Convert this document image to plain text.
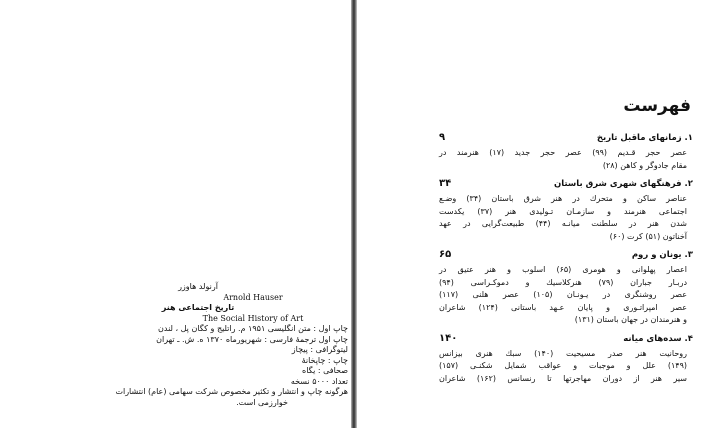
آرنولد هاوزر
Arnold Hauser
تاریخ اجتماعی هنر
The Social History of Art
چاپ اول : متن انگلیسی ۱۹۵۱ م. راتلیج و کگان پل ، لندن
چاپ اول ترجمهٔ فارسی : شهریورماه ۱۳۷۰ ه. ش. ـ تهران
لیتوگرافی : پیچاز
چاپ : چاپخانهٔ
صحافی : یگاه
تعداد ۵۰۰۰ نسخه
هرگونه چاپ و انتشار و تکثیر مخصوص شرکت سهامی (عام) انتشارات
خوارزمی است.
فهرست
۱. زمانهای ماقبل تاریخ
۹
عصر حجر قـدیم (۹۹) عصر حجر جدید (۱۷) هنرمند در
مقام جادوگر و کاهن (۲۸)
۲. فرهنگهای شهری شرق باستان
۳۴
عناصر ساکن و متحرك در هنر شرق باستان (۳۴) وضـع
اجتماعی هنرمند و سازمـان تـولیدی هنر (۳۷) یکدست
شدن هنر در سلطنت میانـه (۴۴) طبیعت‌گرایی در عهد
آخناتون (۵۱) کرت (۶۰)
۳. یونان و روم
۶۵
اعصار پهلوانی و هومری (۶۵) اسلوب و هنر عتیق در
دربـار جباران (۷۹) هنرکلاسیك و دموکـراسی (۹۴)
عصر روشنگری در یـونـان (۱۰۵) عصر هلنی (۱۱۷)
عصر امپراتـوری و پایان عـهد باستانی (۱۲۴) شاعران
و هنرمندان در جهان باستان (۱۳۱)
۴. سده‌های میانه
۱۴۰
روحانیت هنر صدر مسیحیت (۱۴۰) سبك هنری بیزانس
(۱۴۹) علل و موجبات و عواقب شمایل شکنـی (۱۵۷)
سیر هنر از دوران مهاجرتها تا رنسانس (۱۶۲) شاعران
